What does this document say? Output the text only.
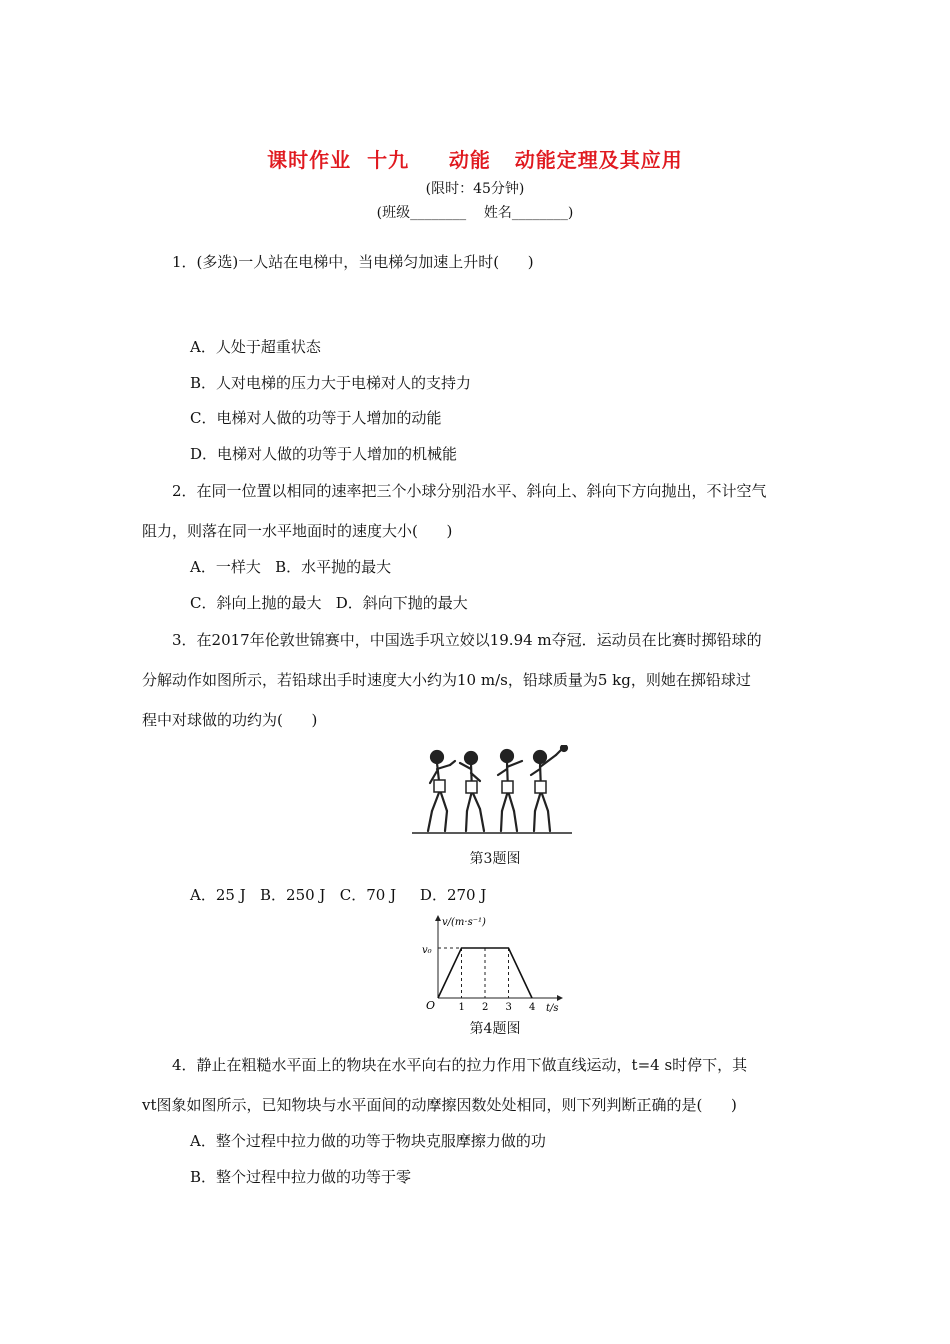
课时作业  十九     动能   动能定理及其应用
(限时：45分钟)
(班级________    姓名________)
1．(多选)一人站在电梯中，当电梯匀加速上升时(      )
A．人处于超重状态
B．人对电梯的压力大于电梯对人的支持力
C．电梯对人做的功等于人增加的动能
D．电梯对人做的功等于人增加的机械能
2．在同一位置以相同的速率把三个小球分别沿水平、斜向上、斜向下方向抛出，不计空气
阻力，则落在同一水平地面时的速度大小(      )
A．一样大   B．水平抛的最大
C．斜向上抛的最大   D．斜向下抛的最大
3．在2017年伦敦世锦赛中，中国选手巩立姣以19.94 m夺冠．运动员在比赛时掷铅球的
分解动作如图所示，若铅球出手时速度大小约为10 m/s，铅球质量为5 kg，则她在掷铅球过
程中对球做的功约为(      )
第3题图
A．25 J   B．250 J   C．70 J     D．270 J
v/(m·s⁻¹)
t/s
O
v₀
1 2 3 4
第4题图
4．静止在粗糙水平面上的物块在水平向右的拉力作用下做直线运动，t=4 s时停下，其
vt图象如图所示，已知物块与水平面间的动摩擦因数处处相同，则下列判断正确的是(      )
A．整个过程中拉力做的功等于物块克服摩擦力做的功
B．整个过程中拉力做的功等于零
